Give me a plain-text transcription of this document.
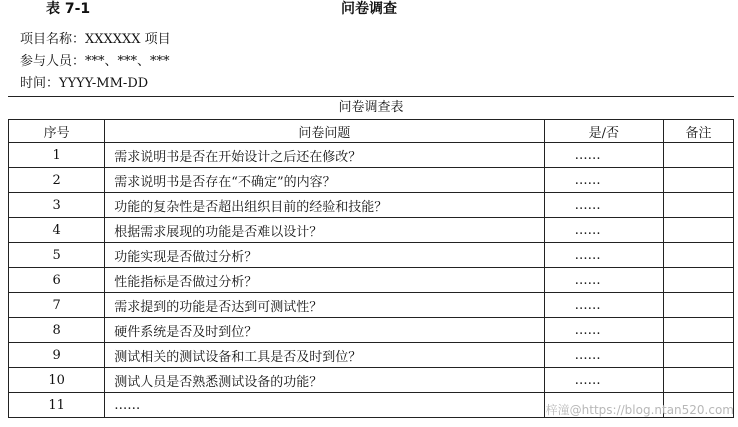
表 7-1	问卷调查
项目名称：XXXXXX 项目
参与人员：***、***、***
时间：YYYY-MM-DD
问卷调查表
序号	问卷问题	是/否	备注
1	需求说明书是否在开始设计之后还在修改？	……	
2	需求说明书是否存在“不确定”的内容？	……	
3	功能的复杂性是否超出组织目前的经验和技能？	……	
4	根据需求展现的功能是否难以设计？	……	
5	功能实现是否做过分析？	……	
6	性能指标是否做过分析？	……	
7	需求提到的功能是否达到可测试性？	……	
8	硬件系统是否及时到位？	……	
9	测试相关的测试设备和工具是否及时到位？	……	
10	测试人员是否熟悉测试设备的功能？	……	
11	……			梓潼@https://blog.ntan520.com
